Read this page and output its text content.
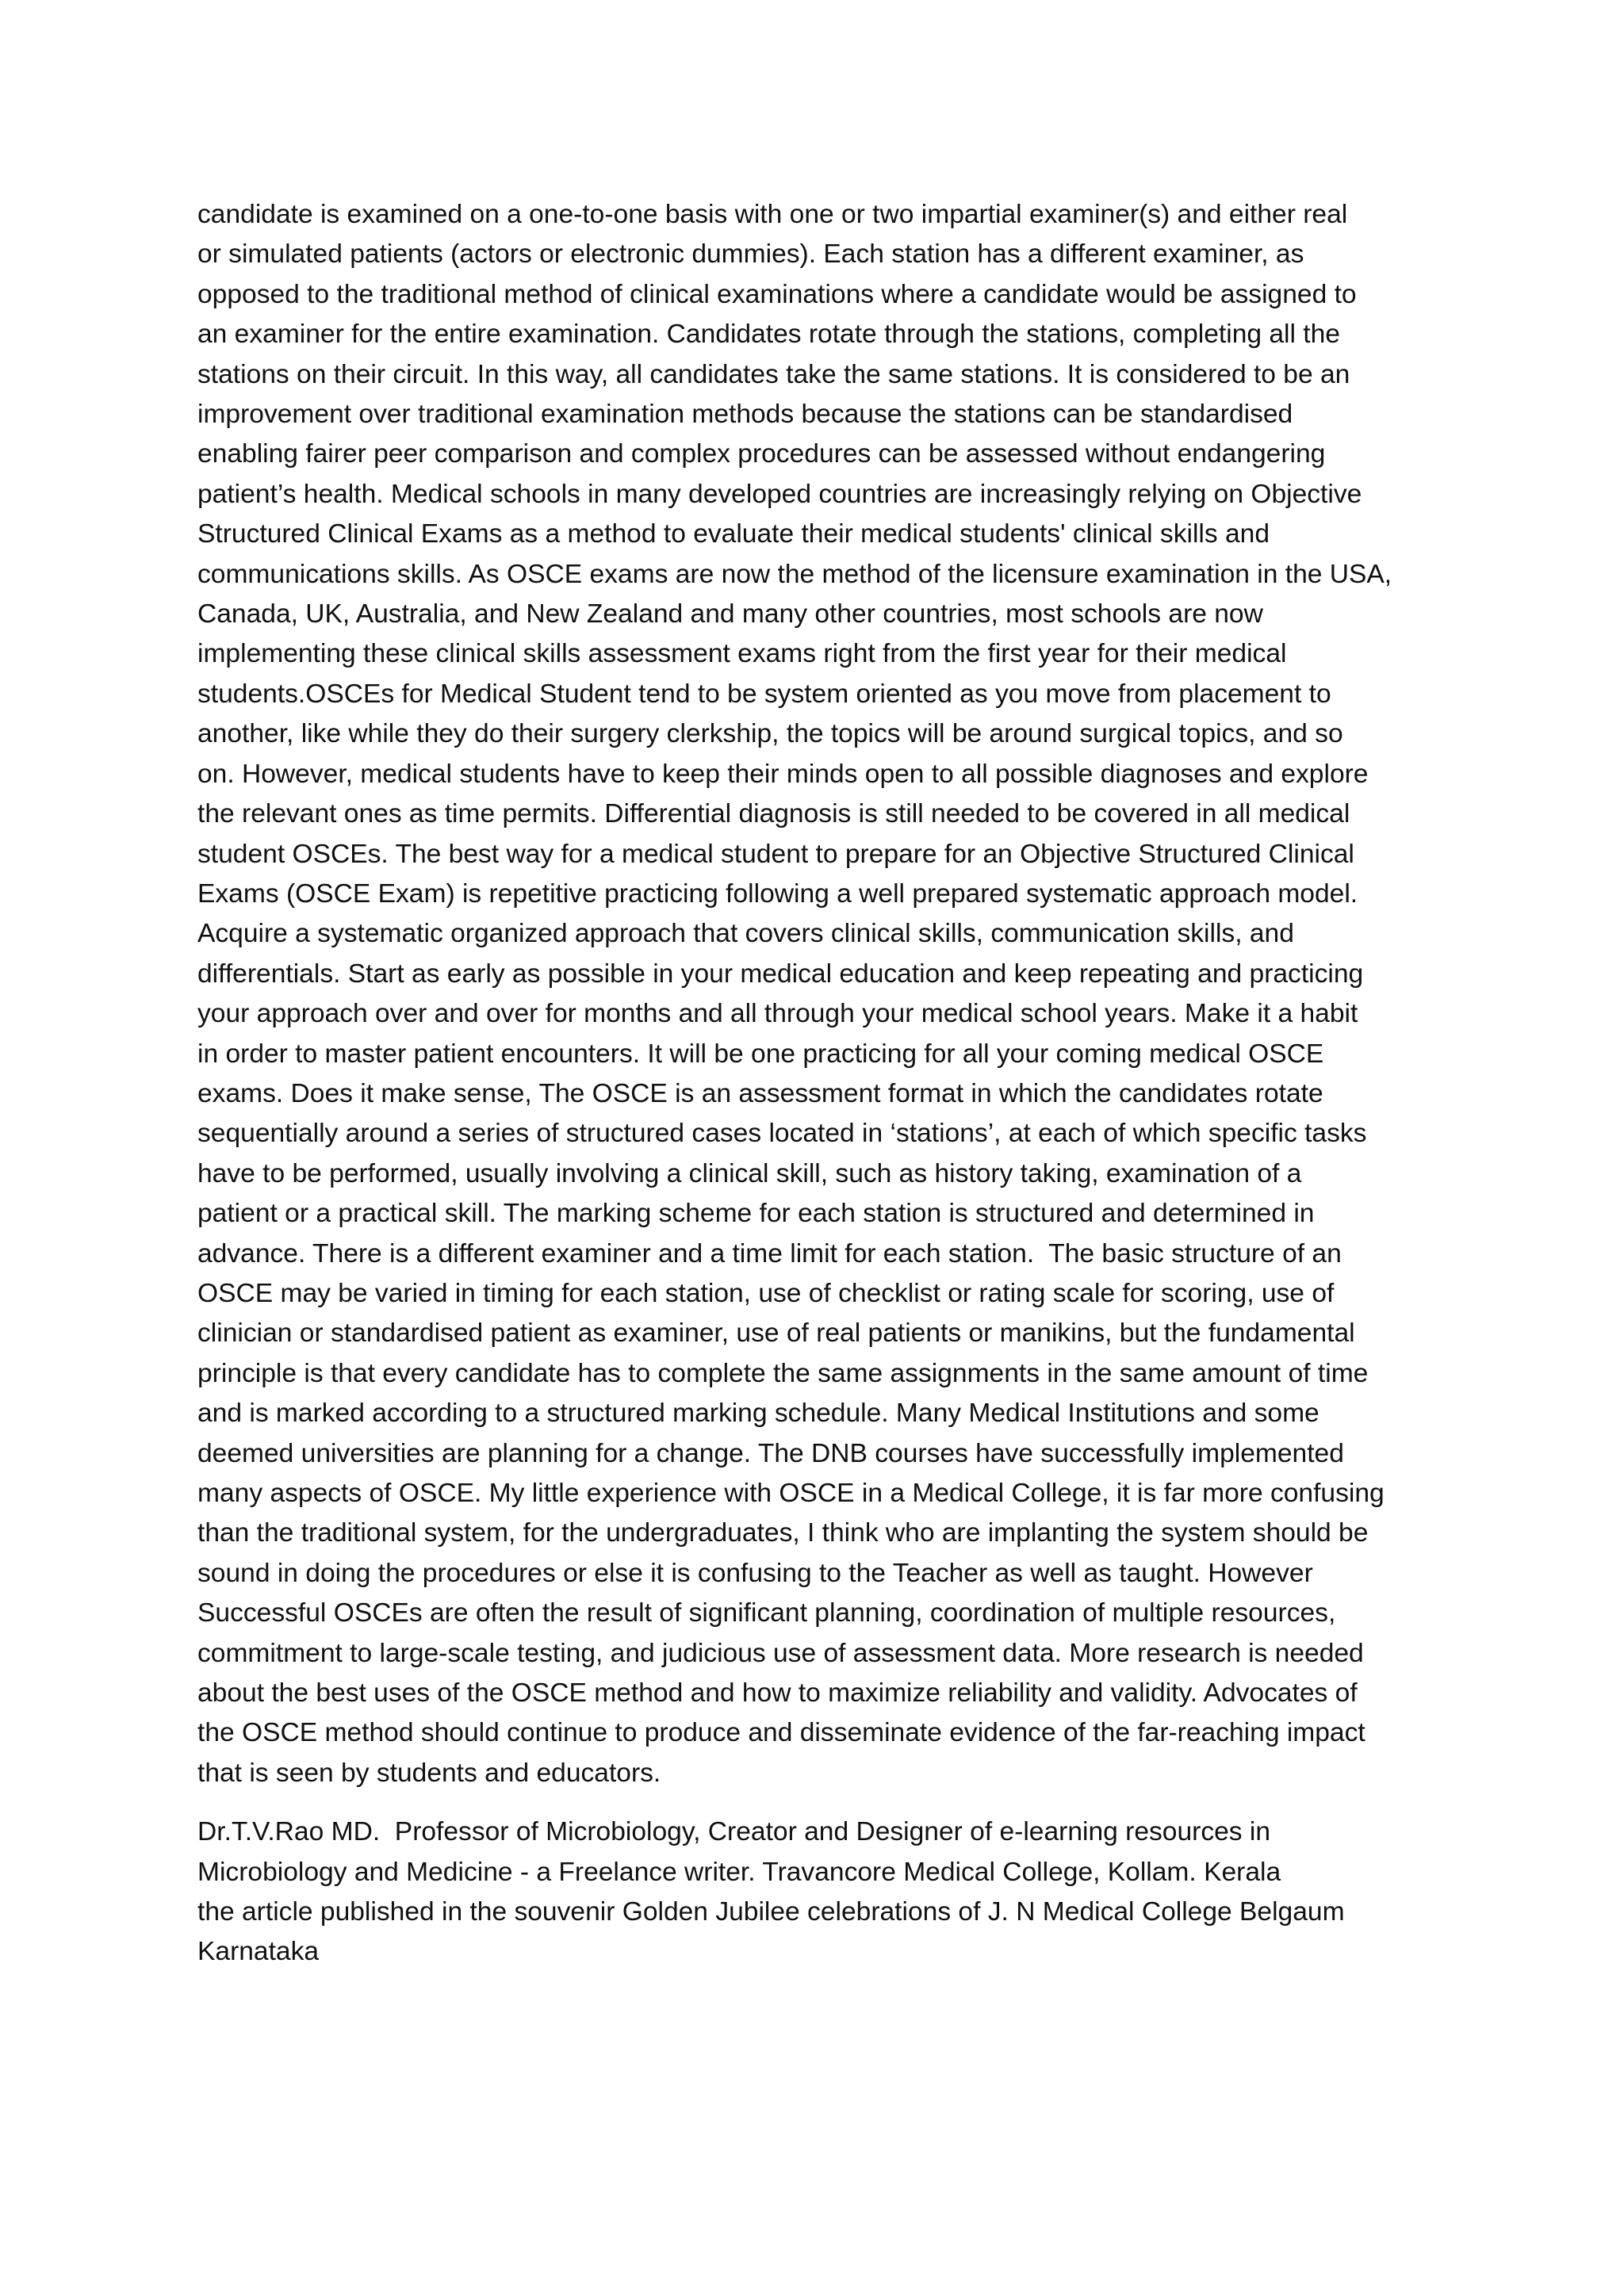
candidate is examined on a one-to-one basis with one or two impartial examiner(s) and either real
or simulated patients (actors or electronic dummies). Each station has a different examiner, as
opposed to the traditional method of clinical examinations where a candidate would be assigned to
an examiner for the entire examination. Candidates rotate through the stations, completing all the
stations on their circuit. In this way, all candidates take the same stations. It is considered to be an
improvement over traditional examination methods because the stations can be standardised
enabling fairer peer comparison and complex procedures can be assessed without endangering
patient’s health. Medical schools in many developed countries are increasingly relying on Objective
Structured Clinical Exams as a method to evaluate their medical students' clinical skills and
communications skills. As OSCE exams are now the method of the licensure examination in the USA,
Canada, UK, Australia, and New Zealand and many other countries, most schools are now
implementing these clinical skills assessment exams right from the first year for their medical
students.OSCEs for Medical Student tend to be system oriented as you move from placement to
another, like while they do their surgery clerkship, the topics will be around surgical topics, and so
on. However, medical students have to keep their minds open to all possible diagnoses and explore
the relevant ones as time permits. Differential diagnosis is still needed to be covered in all medical
student OSCEs. The best way for a medical student to prepare for an Objective Structured Clinical
Exams (OSCE Exam) is repetitive practicing following a well prepared systematic approach model.
Acquire a systematic organized approach that covers clinical skills, communication skills, and
differentials. Start as early as possible in your medical education and keep repeating and practicing
your approach over and over for months and all through your medical school years. Make it a habit
in order to master patient encounters. It will be one practicing for all your coming medical OSCE
exams. Does it make sense, The OSCE is an assessment format in which the candidates rotate
sequentially around a series of structured cases located in ‘stations’, at each of which specific tasks
have to be performed, usually involving a clinical skill, such as history taking, examination of a
patient or a practical skill. The marking scheme for each station is structured and determined in
advance. There is a different examiner and a time limit for each station.  The basic structure of an
OSCE may be varied in timing for each station, use of checklist or rating scale for scoring, use of
clinician or standardised patient as examiner, use of real patients or manikins, but the fundamental
principle is that every candidate has to complete the same assignments in the same amount of time
and is marked according to a structured marking schedule. Many Medical Institutions and some
deemed universities are planning for a change. The DNB courses have successfully implemented
many aspects of OSCE. My little experience with OSCE in a Medical College, it is far more confusing
than the traditional system, for the undergraduates, I think who are implanting the system should be
sound in doing the procedures or else it is confusing to the Teacher as well as taught. However
Successful OSCEs are often the result of significant planning, coordination of multiple resources,
commitment to large-scale testing, and judicious use of assessment data. More research is needed
about the best uses of the OSCE method and how to maximize reliability and validity. Advocates of
the OSCE method should continue to produce and disseminate evidence of the far-reaching impact
that is seen by students and educators.
Dr.T.V.Rao MD.  Professor of Microbiology, Creator and Designer of e-learning resources in
Microbiology and Medicine - a Freelance writer. Travancore Medical College, Kollam. Kerala
the article published in the souvenir Golden Jubilee celebrations of J. N Medical College Belgaum
Karnataka
